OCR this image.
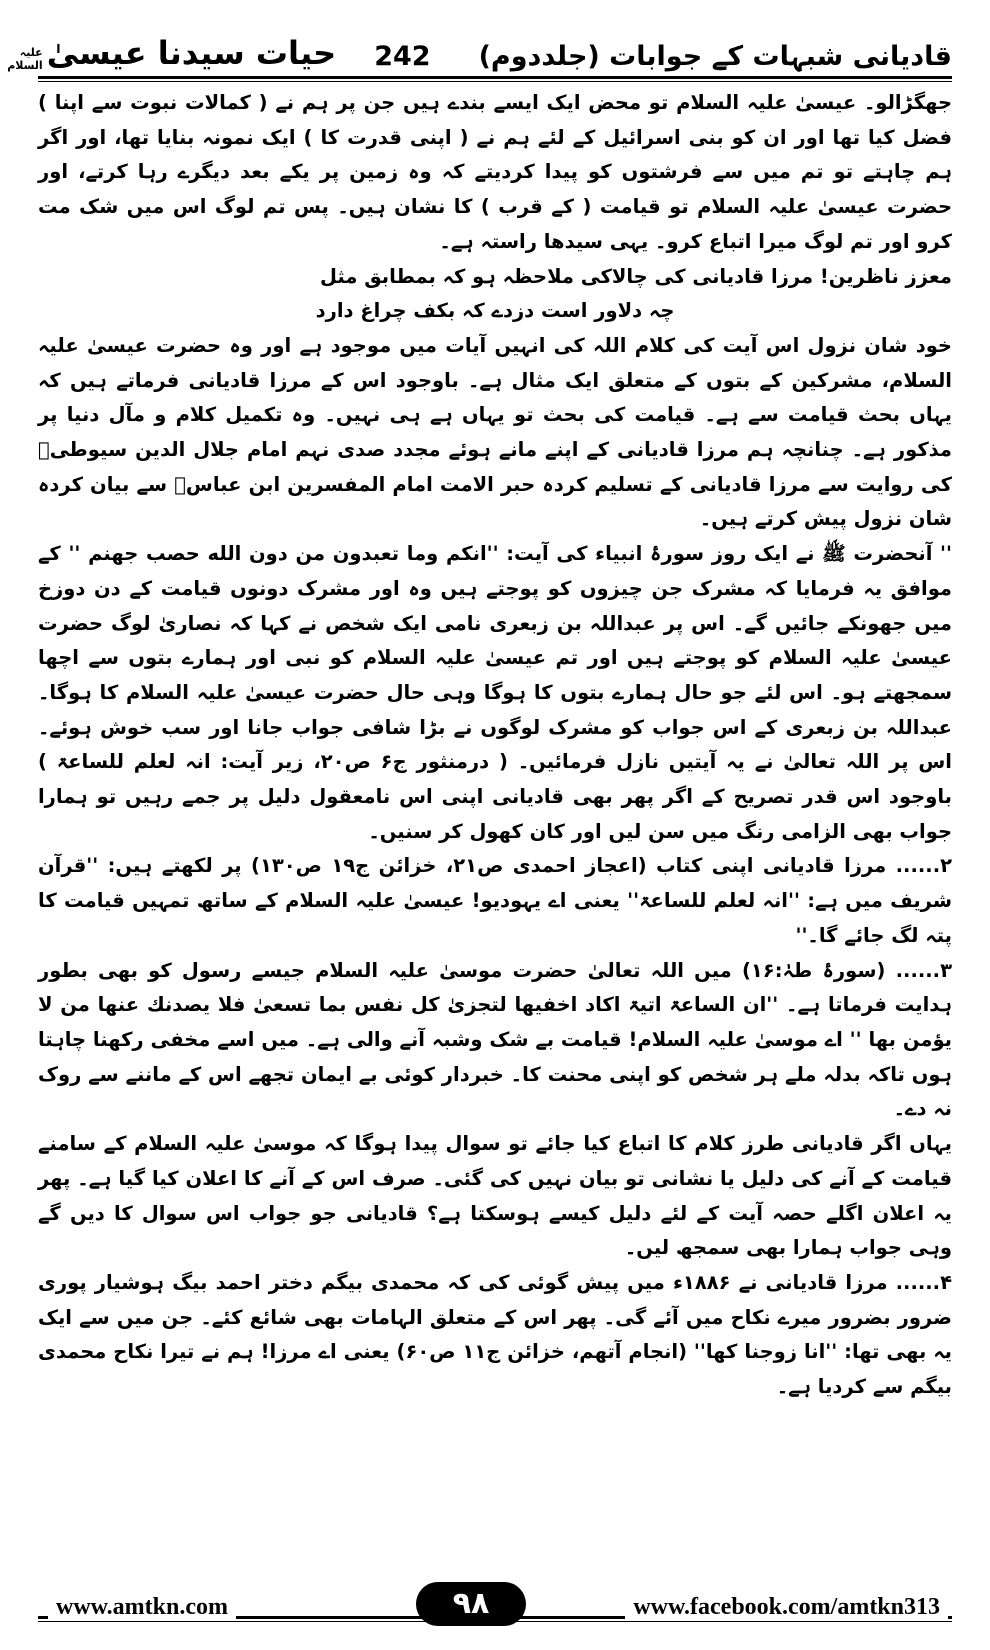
قادیانی شبہات کے جوابات (جلددوم)
242
حیات سیدنا عیسیٰ
علیہ السلام

جھگڑالو۔ عیسیٰ علیہ السلام تو محض ایک ایسے بندے ہیں جن پر ہم نے ( کمالات نبوت سے اپنا ) فضل کیا تھا اور ان کو بنی اسرائیل کے لئے ہم نے ( اپنی قدرت کا ) ایک نمونہ بنایا تھا، اور اگر ہم چاہتے تو تم میں سے فرشتوں کو پیدا کردیتے کہ وہ زمین پر یکے بعد دیگرے رہا کرتے، اور حضرت عیسیٰ علیہ السلام تو قیامت ( کے قرب ) کا نشان ہیں۔ پس تم لوگ اس میں شک مت کرو اور تم لوگ میرا اتباع کرو۔ یہی سیدھا راستہ ہے۔

معزز ناظرین! مرزا قادیانی کی چالاکی ملاحظہ ہو کہ بمطابق مثل

چہ دلاور است دزدے کہ بکف چراغ دارد

خود شان نزول اس آیت کی کلام اللہ کی انہیں آیات میں موجود ہے اور وہ حضرت عیسیٰ علیہ السلام، مشرکین کے بتوں کے متعلق ایک مثال ہے۔ باوجود اس کے مرزا قادیانی فرماتے ہیں کہ یہاں بحث قیامت سے ہے۔ قیامت کی بحث تو یہاں ہے ہی نہیں۔ وہ تکمیل کلام و مآل دنیا پر مذکور ہے۔ چنانچہ ہم مرزا قادیانی کے اپنے مانے ہوئے مجدد صدی نہم امام جلال الدین سیوطیؒ کی روایت سے مرزا قادیانی کے تسلیم کردہ حبر الامت امام المفسرین ابن عباسؓ سے بیان کردہ شان نزول پیش کرتے ہیں۔

'' آنحضرت ﷺ نے ایک روز سورۂ انبیاء کی آیت: ''انکم وما تعبدون من دون الله حصب جھنم '' کے موافق یہ فرمایا کہ مشرک جن چیزوں کو پوجتے ہیں وہ اور مشرک دونوں قیامت کے دن دوزخ میں جھونکے جائیں گے۔ اس پر عبداللہ بن زبعری نامی ایک شخص نے کہا کہ نصاریٰ لوگ حضرت عیسیٰ علیہ السلام کو پوجتے ہیں اور تم عیسیٰ علیہ السلام کو نبی اور ہمارے بتوں سے اچھا سمجھتے ہو۔ اس لئے جو حال ہمارے بتوں کا ہوگا وہی حال حضرت عیسیٰ علیہ السلام کا ہوگا۔ عبداللہ بن زبعری کے اس جواب کو مشرک لوگوں نے بڑا شافی جواب جانا اور سب خوش ہوئے۔ اس پر اللہ تعالیٰ نے یہ آیتیں نازل فرمائیں۔ ( درمنثور ج۶ ص۲۰، زیر آیت: انہ لعلم للساعۃ ) باوجود اس قدر تصریح کے اگر پھر بھی قادیانی اپنی اس نامعقول دلیل پر جمے رہیں تو ہمارا جواب بھی الزامی رنگ میں سن لیں اور کان کھول کر سنیں۔

۲...... مرزا قادیانی اپنی کتاب (اعجاز احمدی ص۲۱، خزائن ج۱۹ ص۱۳۰) پر لکھتے ہیں: ''قرآن شریف میں ہے: ''انہ لعلم للساعۃ'' یعنی اے یہودیو! عیسیٰ علیہ السلام کے ساتھ تمہیں قیامت کا پتہ لگ جائے گا۔''

۳...... (سورۂ طہٰ:۱۶) میں اللہ تعالیٰ حضرت موسیٰ علیہ السلام جیسے رسول کو بھی بطور ہدایت فرماتا ہے۔ ''ان الساعۃ اتیۃ اکاد اخفیھا لتجزیٰ کل نفس بما تسعیٰ فلا یصدنك عنھا من لا یؤمن بھا '' اے موسیٰ علیہ السلام! قیامت بے شک وشبہ آنے والی ہے۔ میں اسے مخفی رکھنا چاہتا ہوں تاکہ بدلہ ملے ہر شخص کو اپنی محنت کا۔ خبردار کوئی بے ایمان تجھے اس کے ماننے سے روک نہ دے۔

یہاں اگر قادیانی طرز کلام کا اتباع کیا جائے تو سوال پیدا ہوگا کہ موسیٰ علیہ السلام کے سامنے قیامت کے آنے کی دلیل یا نشانی تو بیان نہیں کی گئی۔ صرف اس کے آنے کا اعلان کیا گیا ہے۔ پھر یہ اعلان اگلے حصہ آیت کے لئے دلیل کیسے ہوسکتا ہے؟ قادیانی جو جواب اس سوال کا دیں گے وہی جواب ہمارا بھی سمجھ لیں۔

۴...... مرزا قادیانی نے ۱۸۸۶ء میں پیش گوئی کی کہ محمدی بیگم دختر احمد بیگ ہوشیار پوری ضرور بضرور میرے نکاح میں آئے گی۔ پھر اس کے متعلق الہامات بھی شائع کئے۔ جن میں سے ایک یہ بھی تھا: ''انا زوجنا کھا'' (انجام آتھم، خزائن ج۱۱ ص۶۰) یعنی اے مرزا! ہم نے تیرا نکاح محمدی بیگم سے کردیا ہے۔

www.amtkn.com	۹۸	www.facebook.com/amtkn313
